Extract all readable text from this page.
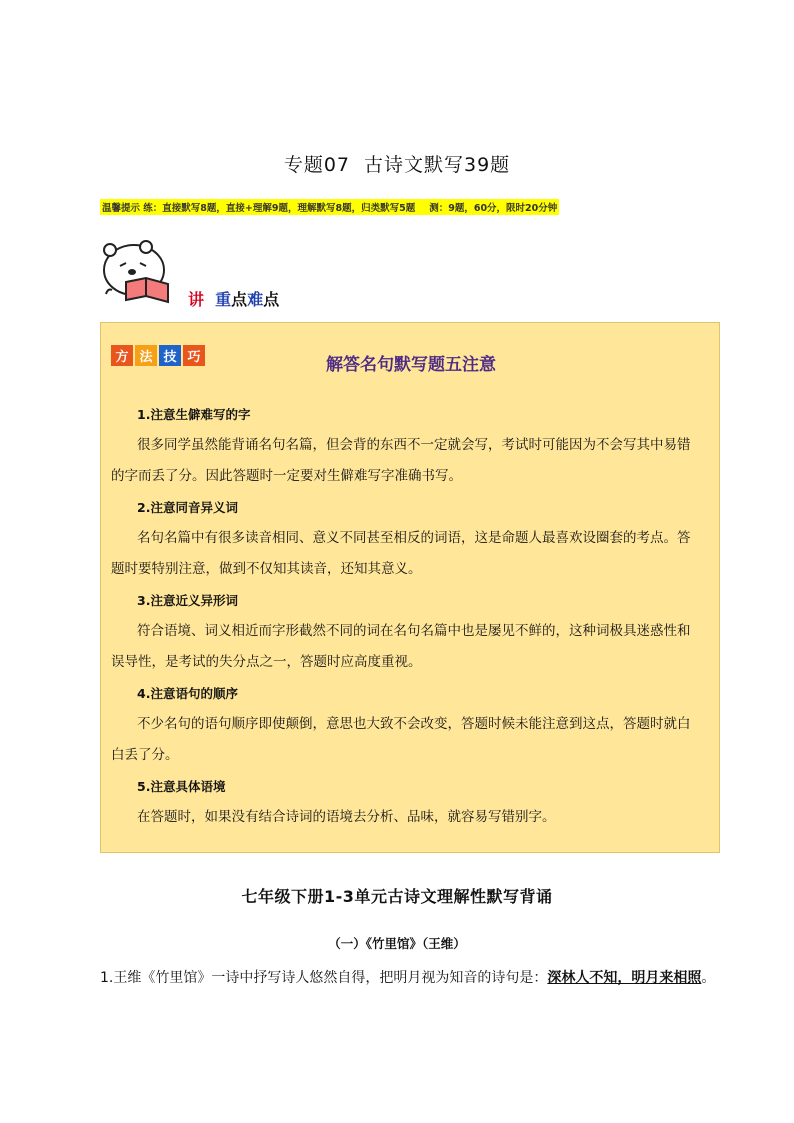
专题07 古诗文默写39题
温馨提示 练：直接默写8题，直接+理解9题，理解默写8题，归类默写5题 测：9题，60分，限时20分钟
讲 重点难点
方 法 技 巧	解答名句默写题五注意
1.注意生僻难写的字

很多同学虽然能背诵名句名篇，但会背的东西不一定就会写，考试时可能因为不会写其中易错

的字而丢了分。因此答题时一定要对生僻难写字准确书写。

2.注意同音异义词

名句名篇中有很多读音相同、意义不同甚至相反的词语，这是命题人最喜欢设圈套的考点。答

题时要特别注意，做到不仅知其读音，还知其意义。

3.注意近义异形词

符合语境、词义相近而字形截然不同的词在名句名篇中也是屡见不鲜的，这种词极具迷惑性和

误导性，是考试的失分点之一，答题时应高度重视。

4.注意语句的顺序

不少名句的语句顺序即使颠倒，意思也大致不会改变，答题时候未能注意到这点，答题时就白

白丢了分。

5.注意具体语境

在答题时，如果没有结合诗词的语境去分析、品味，就容易写错别字。

七年级下册1-3单元古诗文理解性默写背诵
（一）《竹里馆》（王维）
1.王维《竹里馆》一诗中抒写诗人悠然自得，把明月视为知音的诗句是：深林人不知，明月来相照。
